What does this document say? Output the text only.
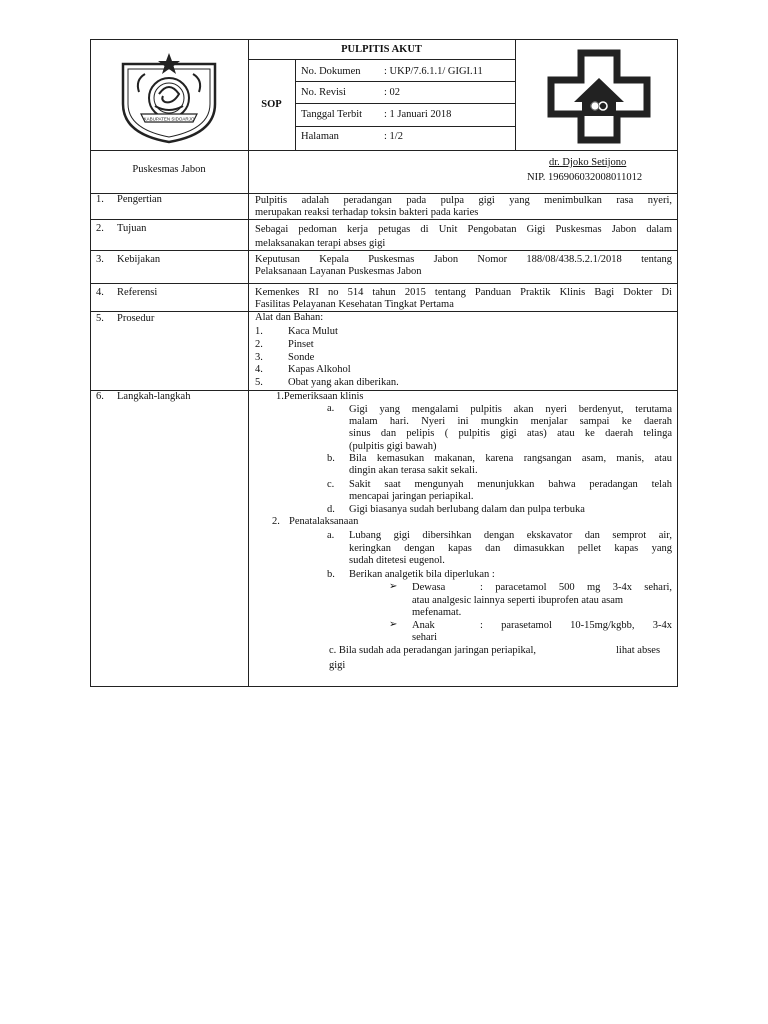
KABUPATEN SIDOARJO
PULPITIS AKUT
SOP
No. Dokumen : UKP/7.6.1.1/ GIGI.11
No. Revisi	: 02
Tanggal Terbit : 1 Januari 2018
Halaman	: 1/2
Puskesmas Jabon
dr. Djoko Setijono
NIP. 196906032008011012
1. Pengertian	Pulpitis adalah peradangan pada pulpa gigi yang menimbulkan rasa nyeri,
merupakan reaksi terhadap toksin bakteri pada karies
2. Tujuan	Sebagai pedoman kerja petugas di Unit Pengobatan Gigi Puskesmas Jabon dalam
melaksanakan terapi abses gigi
3. Kebijakan	Keputusan Kepala Puskesmas Jabon Nomor 188/08/438.5.2.1/2018 tentang
Pelaksanaan Layanan Puskesmas Jabon
4. Referensi	Kemenkes RI no 514 tahun 2015 tentang Panduan Praktik Klinis Bagi Dokter Di
Fasilitas Pelayanan Kesehatan Tingkat Pertama
5. Prosedur	Alat dan Bahan:
1. Kaca Mulut
2. Pinset
3. Sonde
4. Kapas Alkohol
5. Obat yang akan diberikan.
6. Langkah-langkah	1.Pemeriksaan klinis
a. Gigi yang mengalami pulpitis akan nyeri berdenyut, terutama
malam hari. Nyeri ini mungkin menjalar sampai ke daerah
sinus dan pelipis ( pulpitis gigi atas) atau ke daerah telinga
(pulpitis gigi bawah)
b. Bila kemasukan makanan, karena rangsangan asam, manis, atau
dingin akan terasa sakit sekali.
c. Sakit saat mengunyah menunjukkan bahwa peradangan telah
mencapai jaringan periapikal.
d. Gigi biasanya sudah berlubang dalam dan pulpa terbuka
2. Penatalaksanaan
a. Lubang gigi dibersihkan dengan ekskavator dan semprot air,
keringkan dengan kapas dan dimasukkan pellet kapas yang
sudah ditetesi eugenol.
b. Berikan analgetik bila diperlukan :
➢ Dewasa	: paracetamol 500 mg 3-4x sehari,
atau analgesic lainnya seperti ibuprofen atau asam
mefenamat.
➢ Anak	: parasetamol 10-15mg/kgbb, 3-4x
sehari
c. Bila sudah ada peradangan jaringan periapikal,	lihat abses
gigi
